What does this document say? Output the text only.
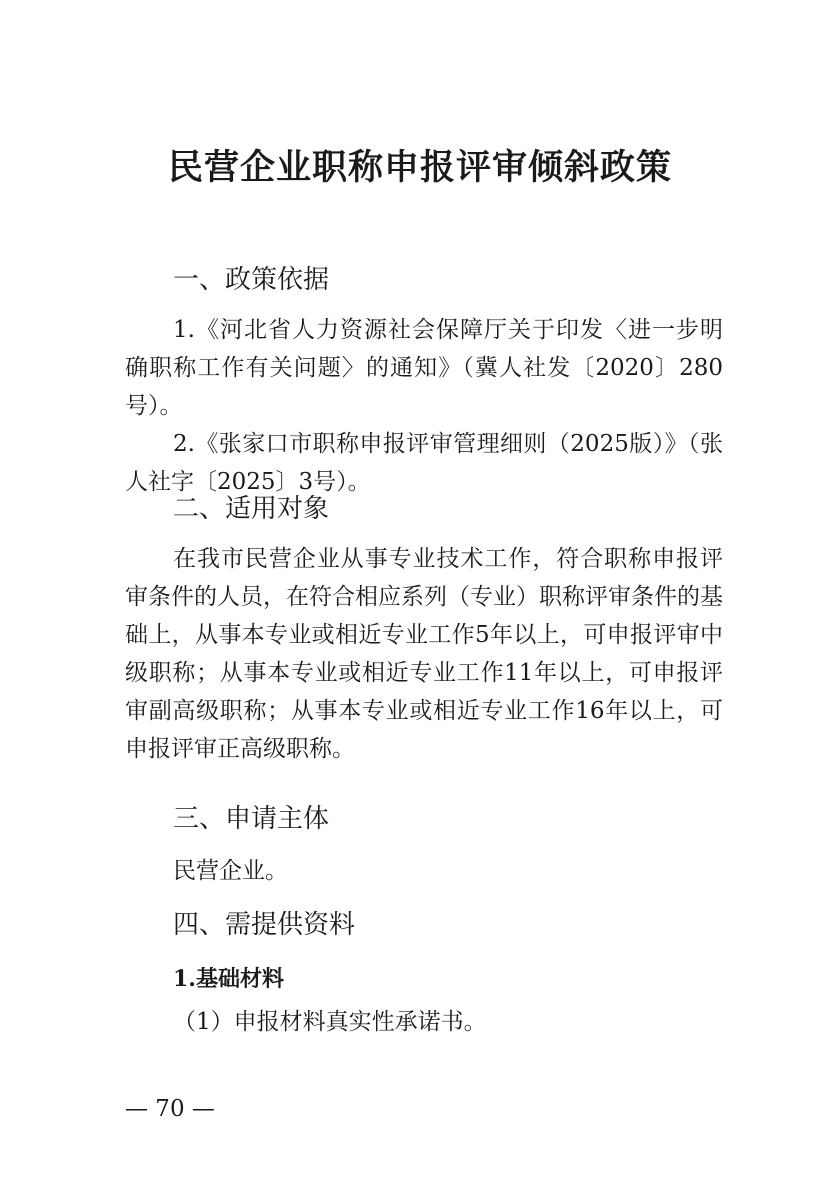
民营企业职称申报评审倾斜政策
一、政策依据

1.《河北省人力资源社会保障厅关于印发〈进一步明确职称工作有关问题〉的通知》（冀人社发〔2020〕280号）。

2.《张家口市职称申报评审管理细则（2025版）》（张人社字〔2025〕3号）。

二、适用对象

在我市民营企业从事专业技术工作，符合职称申报评审条件的人员，在符合相应系列（专业）职称评审条件的基础上，从事本专业或相近专业工作5年以上，可申报评审中级职称；从事本专业或相近专业工作11年以上，可申报评审副高级职称；从事本专业或相近专业工作16年以上，可申报评审正高级职称。

三、申请主体

民营企业。

四、需提供资料
1.基础材料
（1）申报材料真实性承诺书。
— 70 —
